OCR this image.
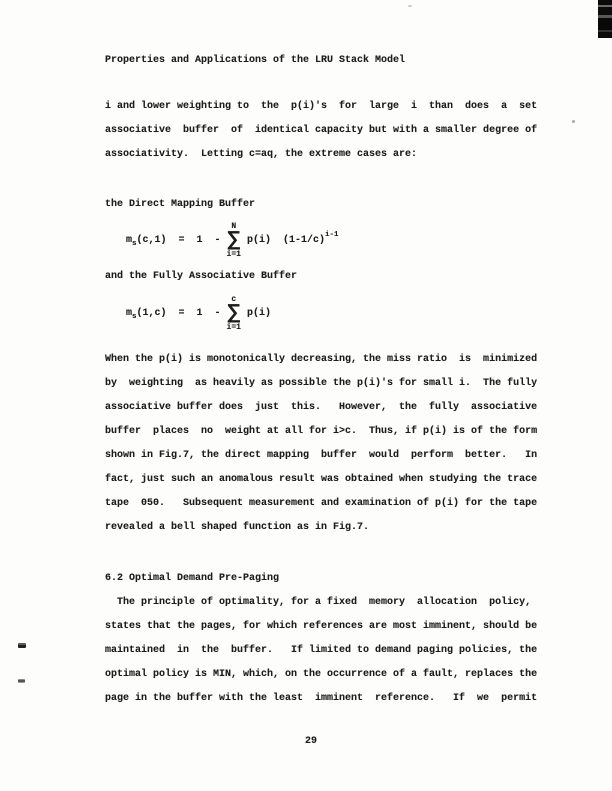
Properties and Applications of the LRU Stack Model
i and lower weighting to  the  p(i)'s  for  large  i  than  does  a  set
associative  buffer  of  identical capacity but with a smaller degree of
associativity.  Letting c=aq, the extreme cases are:
the Direct Mapping Buffer
m s (c,1)  =  1  -
N
∑
i=1
p(i)  (1-1/c) i-1
and the Fully Associative Buffer
m s (1,c)  =  1  -
c
∑
i=1
p(i)
When the p(i) is monotonically decreasing, the miss ratio  is  minimized
by  weighting  as heavily as possible the p(i)'s for small i.  The fully
associative buffer does  just  this.   However,  the  fully  associative
buffer  places  no  weight at all for i>c.  Thus, if p(i) is of the form
shown in Fig.7, the direct mapping  buffer  would  perform  better.   In
fact, just such an anomalous result was obtained when studying the trace
tape  050.   Subsequent measurement and examination of p(i) for the tape
revealed a bell shaped function as in Fig.7.
6.2 Optimal Demand Pre-Paging
The principle of optimality, for a fixed  memory  allocation  policy,
states that the pages, for which references are most imminent, should be
maintained  in  the  buffer.   If limited to demand paging policies, the
optimal policy is MIN, which, on the occurrence of a fault, replaces the
page in the buffer with the least  imminent  reference.   If  we  permit
29
